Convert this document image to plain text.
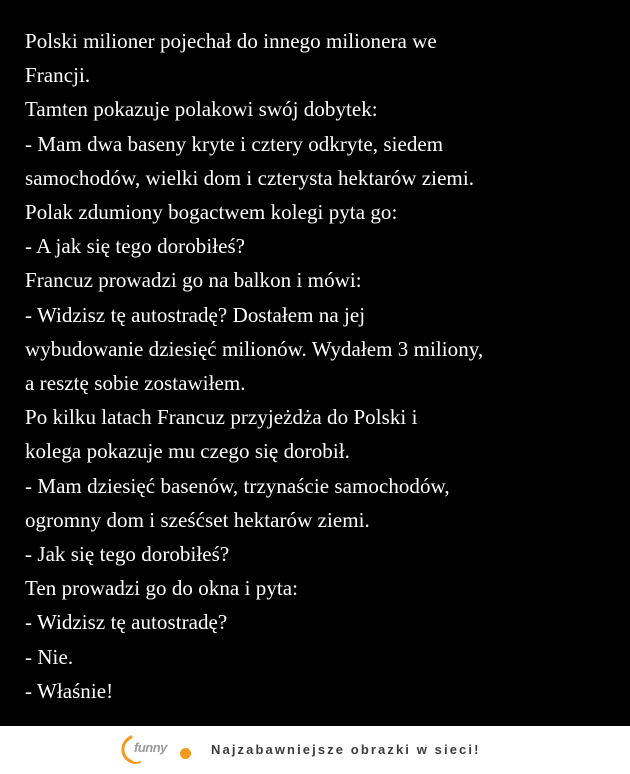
Polski milioner pojechał do innego milionera we
Francji.
Tamten pokazuje polakowi swój dobytek:
- Mam dwa baseny kryte i cztery odkryte, siedem
samochodów, wielki dom i czterysta hektarów ziemi.
Polak zdumiony bogactwem kolegi pyta go:
- A jak się tego dorobiłeś?
Francuz prowadzi go na balkon i mówi:
- Widzisz tę autostradę? Dostałem na jej
wybudowanie dziesięć milionów. Wydałem 3 miliony,
a resztę sobie zostawiłem.
Po kilku latach Francuz przyjeżdża do Polski i
kolega pokazuje mu czego się dorobił.
- Mam dziesięć basenów, trzynaście samochodów,
ogromny dom i sześćset hektarów ziemi.
- Jak się tego dorobiłeś?
Ten prowadzi go do okna i pyta:
- Widzisz tę autostradę?
- Nie.
- Właśnie!
funny	Najzabawniejsze obrazki w sieci!
